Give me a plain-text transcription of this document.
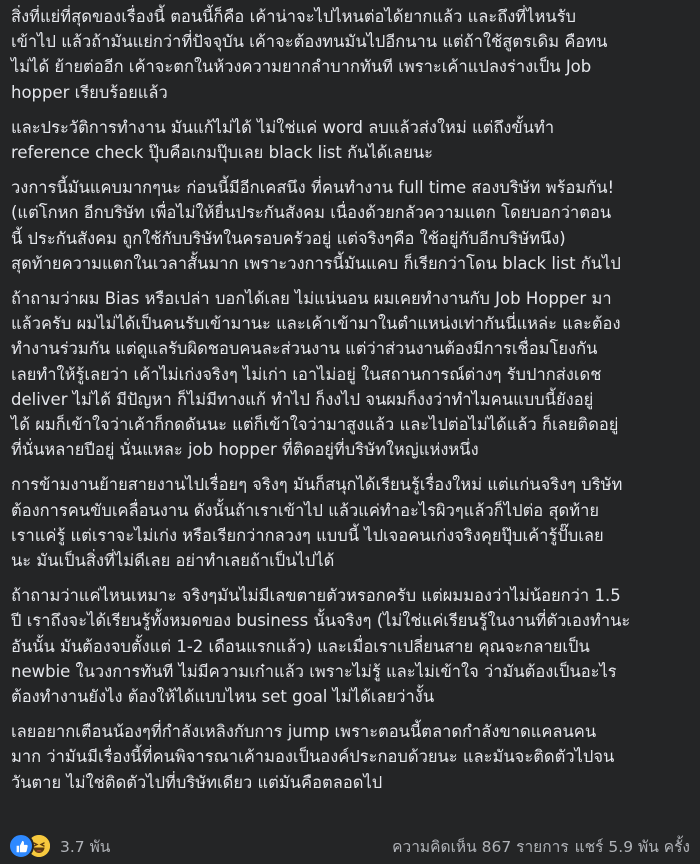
สิ่งที่แย่ที่สุดของเรื่องนี้ ตอนนี้ก็คือ เค้าน่าจะไปไหนต่อได้ยากแล้ว และถึงที่ไหนรับ
เข้าไป แล้วถ้ามันแย่กว่าที่ปัจจุบัน เค้าจะต้องทนมันไปอีกนาน แต่ถ้าใช้สูตรเดิม คือทน
ไม่ได้ ย้ายต่ออีก เค้าจะตกในห้วงความยากลำบากทันที เพราะเค้าแปลงร่างเป็น Job
hopper เรียบร้อยแล้ว

และประวัติการทำงาน มันแก้ไม่ได้ ไม่ใช่แค่ word ลบแล้วส่งใหม่ แต่ถึงขั้นทำ
reference check ปุ๊บคือเกมปุ๊บเลย black list กันได้เลยนะ

วงการนี้มันแคบมากๆนะ ก่อนนี้มีอีกเคสนึง ที่คนทำงาน full time สองบริษัท พร้อมกัน!
(แต่โกหก อีกบริษัท เพื่อไม่ให้ยื่นประกันสังคม เนื่องด้วยกลัวความแตก โดยบอกว่าตอน
นี้ ประกันสังคม ถูกใช้กับบริษัทในครอบครัวอยู่ แต่จริงๆคือ ใช้อยู่กับอีกบริษัทนึง)
สุดท้ายความแตกในเวลาสั้นมาก เพราะวงการนี้มันแคบ ก็เรียกว่าโดน black list กันไป

ถ้าถามว่าผม Bias หรือเปล่า บอกได้เลย ไม่แน่นอน ผมเคยทำงานกับ Job Hopper มา
แล้วครับ ผมไม่ได้เป็นคนรับเข้ามานะ และเค้าเข้ามาในตำแหน่งเท่ากันนี่แหล่ะ และต้อง
ทำงานร่วมกัน แต่ดูแลรับผิดชอบคนละส่วนงาน แต่ว่าส่วนงานต้องมีการเชื่อมโยงกัน
เลยทำให้รู้เลยว่า เค้าไม่เก่งจริงๆ ไม่เก่า เอาไม่อยู่ ในสถานการณ์ต่างๆ รับปากส่งเดช
deliver ไม่ได้ มีปัญหา ก็ไม่มีทางแก้ ทำไป ก็งงไป จนผมก็งงว่าทำไมคนแบบนี้ยังอยู่
ได้ ผมก็เข้าใจว่าเค้าก็กดดันนะ แต่ก็เข้าใจว่ามาสูงแล้ว และไปต่อไม่ได้แล้ว ก็เลยติดอยู่
ที่นั่นหลายปีอยู่ นั่นแหละ job hopper ที่ติดอยู่ที่บริษัทใหญ่แห่งหนึ่ง

การข้ามงานย้ายสายงานไปเรื่อยๆ จริงๆ มันก็สนุกได้เรียนรู้เรื่องใหม่ แต่แก่นจริงๆ บริษัท
ต้องการคนขับเคลื่อนงาน ดังนั้นถ้าเราเข้าไป แล้วแค่ทำอะไรผิวๆแล้วก็ไปต่อ สุดท้าย
เราแค่รู้ แต่เราจะไม่เก่ง หรือเรียกว่ากลวงๆ แบบนี้ ไปเจอคนเก่งจริงคุยปุ๊บเค้ารู้ปั๊บเลย
นะ มันเป็นสิ่งที่ไม่ดีเลย อย่าทำเลยถ้าเป็นไปได้

ถ้าถามว่าแค่ไหนเหมาะ จริงๆมันไม่มีเลขตายตัวหรอกครับ แต่ผมมองว่าไม่น้อยกว่า 1.5
ปี เราถึงจะได้เรียนรู้ทั้งหมดของ business นั้นจริงๆ (ไม่ใช่แค่เรียนรู้ในงานที่ตัวเองทำนะ
อันนั้น มันต้องจบตั้งแต่ 1-2 เดือนแรกแล้ว) และเมื่อเราเปลี่ยนสาย คุณจะกลายเป็น
newbie ในวงการทันที ไม่มีความเก๋าแล้ว เพราะไม่รู้ และไม่เข้าใจ ว่ามันต้องเป็นอะไร
ต้องทำงานยังไง ต้องให้ได้แบบไหน set goal ไม่ได้เลยว่างั้น

เลยอยากเตือนน้องๆที่กำลังเหลิงกับการ jump เพราะตอนนี้ตลาดกำลังขาดแคลนคน
มาก ว่ามันมีเรื่องนี้ที่คนพิจารณาเค้ามองเป็นองค์ประกอบด้วยนะ และมันจะติดตัวไปจน
วันตาย ไม่ใช่ติดตัวไปที่บริษัทเดียว แต่มันคือตลอดไป

3.7 พัน	ความคิดเห็น 867 รายการ แชร์ 5.9 พัน ครั้ง
